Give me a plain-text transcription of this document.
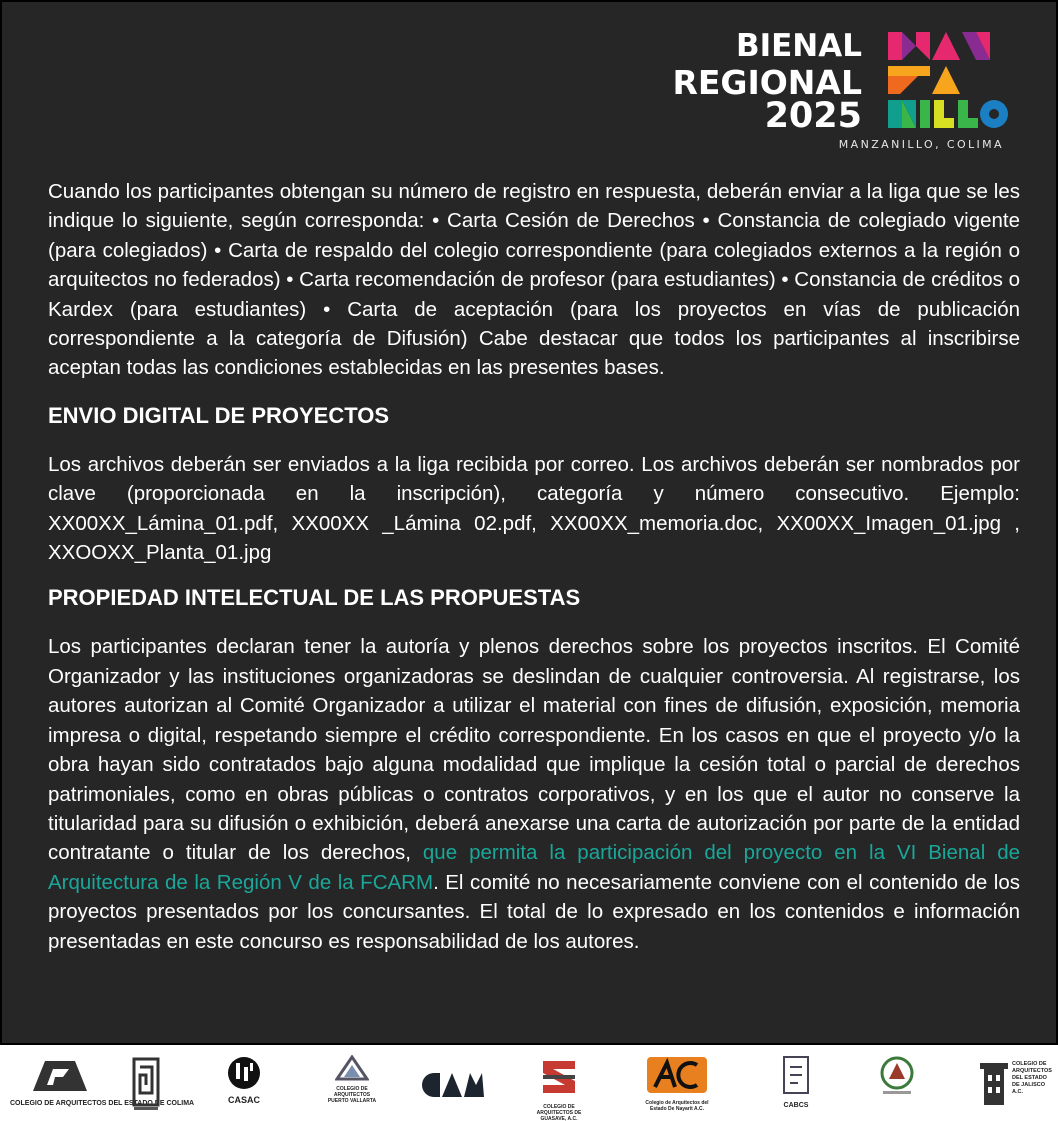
BIENAL
REGIONAL
2025
MANZANILLO, COLIMA

Cuando los participantes obtengan su número de registro en respuesta, deberán enviar a la liga que se les indique lo siguiente, según corresponda: • Carta Cesión de Derechos • Constancia de colegiado vigente (para colegiados) • Carta de respaldo del colegio correspondiente (para colegiados externos a la región o arquitectos no federados) • Carta recomendación de profesor (para estudiantes) • Constancia de créditos o Kardex (para estudiantes) • Carta de aceptación (para los proyectos en vías de publicación correspondiente a la categoría de Difusión) Cabe destacar que todos los participantes al inscribirse aceptan todas las condiciones establecidas en las presentes bases.

ENVIO DIGITAL DE PROYECTOS

Los archivos deberán ser enviados a la liga recibida por correo. Los archivos deberán ser nombrados por clave (proporcionada en la inscripción), categoría y número consecutivo. Ejemplo: XX00XX_Lámina_01.pdf, XX00XX _Lámina 02.pdf, XX00XX_memoria.doc, XX00XX_Imagen_01.jpg , XXOOXX_Planta_01.jpg

PROPIEDAD INTELECTUAL DE LAS PROPUESTAS

Los participantes declaran tener la autoría y plenos derechos sobre los proyectos inscritos. El Comité Organizador y las instituciones organizadoras se deslindan de cualquier controversia. Al registrarse, los autores autorizan al Comité Organizador a utilizar el material con fines de difusión, exposición, memoria impresa o digital, respetando siempre el crédito correspondiente. En los casos en que el proyecto y/o la obra hayan sido contratados bajo alguna modalidad que implique la cesión total o parcial de derechos patrimoniales, como en obras públicas o contratos corporativos, y en los que el autor no conserve la titularidad para su difusión o exhibición, deberá anexarse una carta de autorización por parte de la entidad contratante o titular de los derechos, que permita la participación del proyecto en la VI Bienal de Arquitectura de la Región V de la FCARM. El comité no necesariamente conviene con el contenido de los proyectos presentados por los concursantes. El total de lo expresado en los contenidos e información presentadas en este concurso es responsabilidad de los autores.

COLEGIO DE ARQUITECTOS DEL ESTADO DE COLIMA	CASAC
COLEGIO DE ARQUITECTOS PUERTO VALLARTA
COLEGIO DE ARQUITECTOS DE GUASAVE, A.C.
Colegio de Arquitectos del Estado De Nayarit A.C.	CABCS
COLEGIO DE ARQUITECTOS DEL ESTADO DE JALISCO A.C.
